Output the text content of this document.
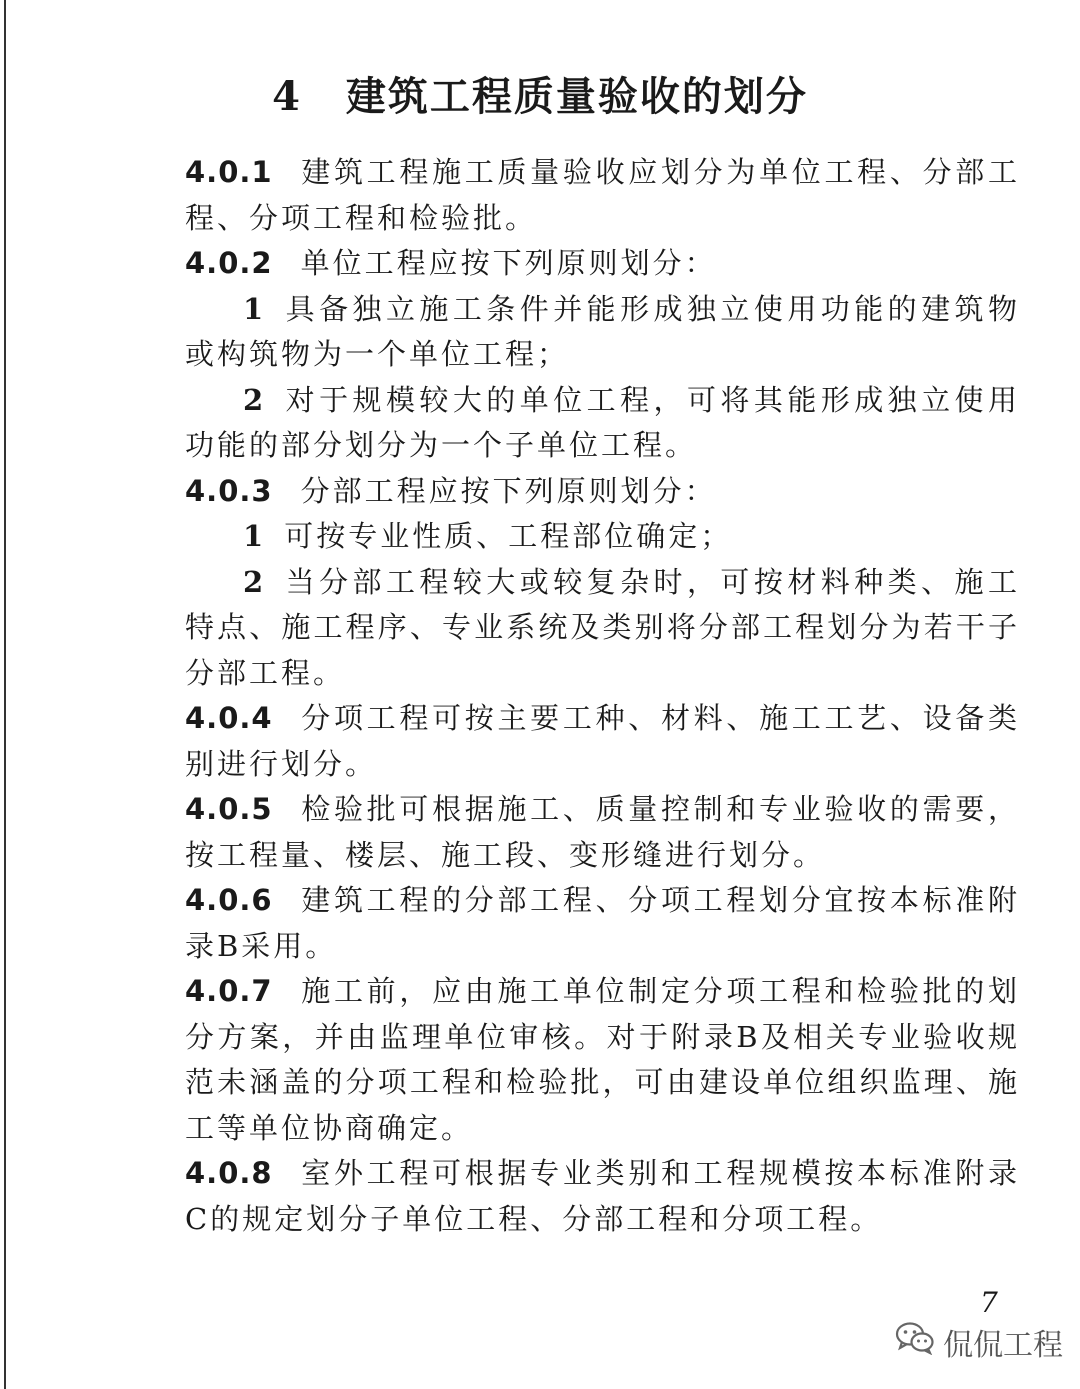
4 建筑工程质量验收的划分

4.0.1 建筑工程施工质量验收应划分为单位工程、分部工程、分项工程和检验批。

4.0.2 单位工程应按下列原则划分：

1 具备独立施工条件并能形成独立使用功能的建筑物或构筑物为一个单位工程；

2 对于规模较大的单位工程，可将其能形成独立使用功能的部分划分为一个子单位工程。

4.0.3 分部工程应按下列原则划分：

1 可按专业性质、工程部位确定；

2 当分部工程较大或较复杂时，可按材料种类、施工特点、施工程序、专业系统及类别将分部工程划分为若干子分部工程。

4.0.4 分项工程可按主要工种、材料、施工工艺、设备类别进行划分。

4.0.5 检验批可根据施工、质量控制和专业验收的需要，按工程量、楼层、施工段、变形缝进行划分。

4.0.6 建筑工程的分部工程、分项工程划分宜按本标准附录B采用。

4.0.7 施工前，应由施工单位制定分项工程和检验批的划分方案，并由监理单位审核。对于附录B及相关专业验收规范未涵盖的分项工程和检验批，可由建设单位组织监理、施工等单位协商确定。

4.0.8 室外工程可根据专业类别和工程规模按本标准附录C的规定划分子单位工程、分部工程和分项工程。

7
侃侃工程
